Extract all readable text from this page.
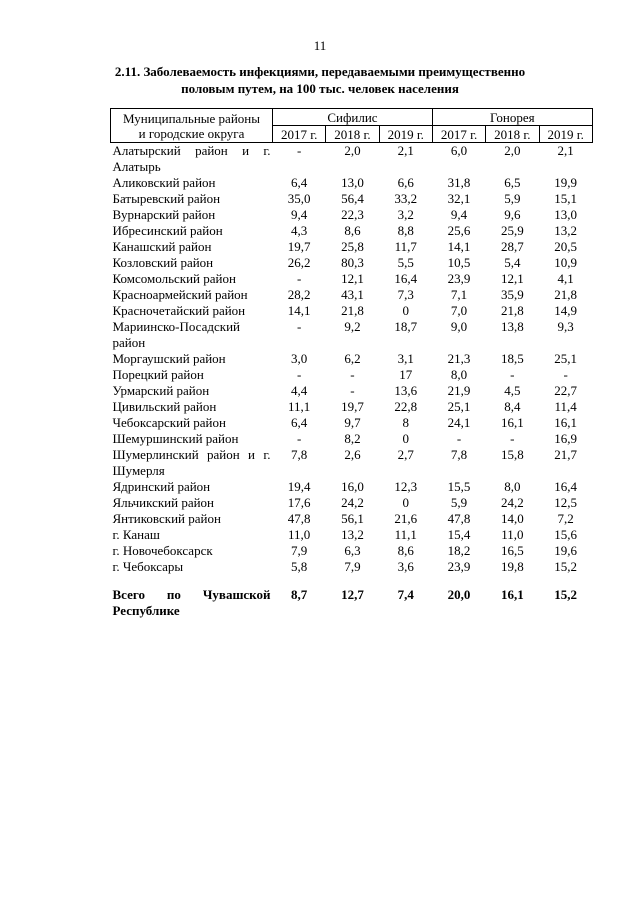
11
2.11. Заболеваемость инфекциями, передаваемыми преимущественно
половым путем, на 100 тыс. человек населения
Муниципальные районы
и городские округа	Сифилис			Гонорея		
	2017 г.	2018 г.	2019 г.	2017 г.	2018 г.	2019 г.
Алатырский район и г. Алатырь	-	2,0	2,1	6,0	2,0	2,1
Аликовский район	6,4	13,0	6,6	31,8	6,5	19,9
Батыревский район	35,0	56,4	33,2	32,1	5,9	15,1
Вурнарский район	9,4	22,3	3,2	9,4	9,6	13,0
Ибресинский район	4,3	8,6	8,8	25,6	25,9	13,2
Канашский район	19,7	25,8	11,7	14,1	28,7	20,5
Козловский район	26,2	80,3	5,5	10,5	5,4	10,9
Комсомольский район	-	12,1	16,4	23,9	12,1	4,1
Красноармейский район	28,2	43,1	7,3	7,1	35,9	21,8
Красночетайский район	14,1	21,8	0	7,0	21,8	14,9
Мариинско-Посадский район	-	9,2	18,7	9,0	13,8	9,3
Моргаушский район	3,0	6,2	3,1	21,3	18,5	25,1
Порецкий район	-	-	17	8,0	-	-
Урмарский район	4,4	-	13,6	21,9	4,5	22,7
Цивильский район	11,1	19,7	22,8	25,1	8,4	11,4
Чебоксарский район	6,4	9,7	8	24,1	16,1	16,1
Шемуршинский район	-	8,2	0	-	-	16,9
Шумерлинский район и г. Шумерля	7,8	2,6	2,7	7,8	15,8	21,7
Ядринский район	19,4	16,0	12,3	15,5	8,0	16,4
Яльчикский район	17,6	24,2	0	5,9	24,2	12,5
Янтиковский район	47,8	56,1	21,6	47,8	14,0	7,2
г. Канаш	11,0	13,2	11,1	15,4	11,0	15,6
г. Новочебоксарск	7,9	6,3	8,6	18,2	16,5	19,6
г. Чебоксары	5,8	7,9	3,6	23,9	19,8	15,2
Всего по Чувашской Республике	8,7	12,7	7,4	20,0	16,1	15,2
